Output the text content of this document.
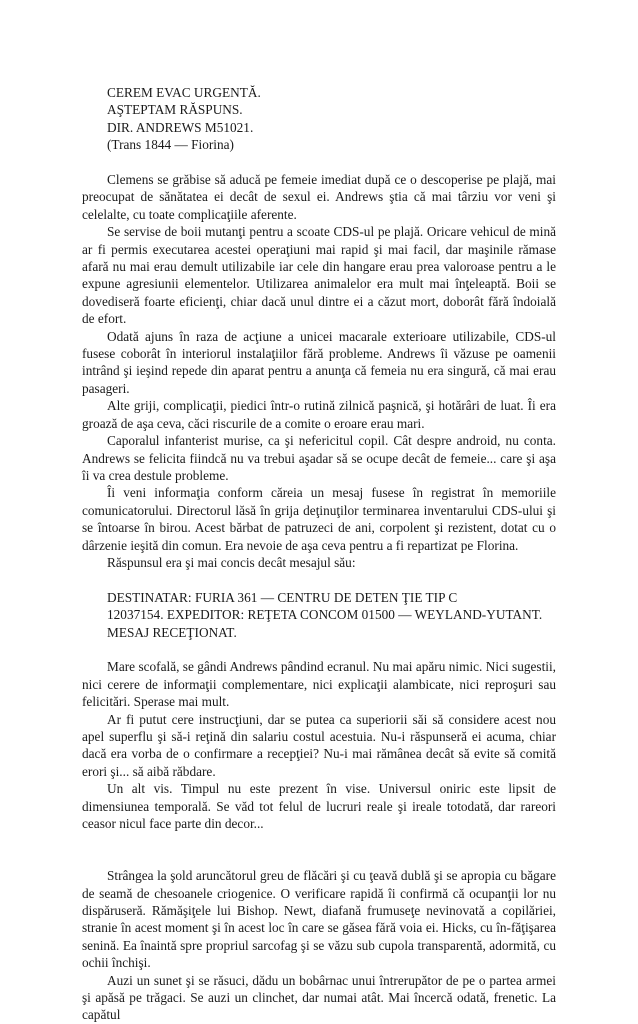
CEREM EVAC URGENTĂ.

AŞTEPTAM RĂSPUNS.

DIR. ANDREWS M51021.

(Trans 1844 — Fiorina)

Clemens se grăbise să aducă pe femeie imediat după ce o descoperise pe plajă, mai preocupat de sănătatea ei decât de sexul ei. Andrews ştia că mai târziu vor veni şi celelalte, cu toate complicaţiile aferente.

Se servise de boii mutanţi pentru a scoate CDS-ul pe plajă. Oricare vehicul de mină ar fi permis executarea acestei operaţiuni mai rapid şi mai facil, dar maşinile rămase afară nu mai erau demult utilizabile iar cele din hangare erau prea valoroase pentru a le expune agresiunii elementelor. Utilizarea animalelor era mult mai înţeleaptă. Boii se dovediseră foarte eficienţi, chiar dacă unul dintre ei a căzut mort, doborât fără îndoială de efort.

Odată ajuns în raza de acţiune a unicei macarale exterioare utilizabile, CDS-ul fusese coborât în interiorul instalaţiilor fără probleme. Andrews îi văzuse pe oamenii intrând şi ieşind repede din aparat pentru a anunţa că femeia nu era singură, că mai erau pasageri.

Alte griji, complicaţii, piedici într-o rutină zilnică paşnică, şi hotărâri de luat. Îi era groază de aşa ceva, căci riscurile de a comite o eroare erau mari.

Caporalul infanterist murise, ca şi nefericitul copil. Cât despre android, nu conta. Andrews se felicita fiindcă nu va trebui aşadar să se ocupe decât de femeie... care şi aşa îi va crea destule probleme.

Îi veni informaţia conform căreia un mesaj fusese în registrat în memoriile comunicatorului. Directorul lăsă în grija deţinuţilor terminarea inventarului CDS-ului şi se întoarse în birou. Acest bărbat de patruzeci de ani, corpolent şi rezistent, dotat cu o dârzenie ieşită din comun. Era nevoie de aşa ceva pentru a fi repartizat pe Florina.

Răspunsul era şi mai concis decât mesajul său:

DESTINATAR: FURIA 361 — CENTRU DE DETEN ŢIE TIP C

12037154. EXPEDITOR: REŢETA CONCOM 01500 — WEYLAND-YUTANT.

MESAJ RECEŢIONAT.

Mare scofală, se gândi Andrews pândind ecranul. Nu mai apăru nimic. Nici sugestii, nici cerere de informaţii complementare, nici explicaţii alambicate, nici reproşuri sau felicitări. Sperase mai mult.

Ar fi putut cere instrucţiuni, dar se putea ca superiorii săi să considere acest nou apel superflu şi să-i reţină din salariu costul acestuia. Nu-i răspunseră ei acuma, chiar dacă era vorba de o confirmare a recepţiei? Nu-i mai rămânea decât să evite să comită erori şi... să aibă răbdare.

Un alt vis. Timpul nu este prezent în vise. Universul oniric este lipsit de dimensiunea temporală. Se văd tot felul de lucruri reale şi ireale totodată, dar rareori ceasor nicul face parte din decor...

Strângea la şold aruncătorul greu de flăcări şi cu ţeavă dublă şi se apropia cu băgare de seamă de chesoanele criogenice. O verificare rapidă îi confirmă că ocupanţii lor nu dispăruseră. Rămăşiţele lui Bishop. Newt, diafană frumuseţe nevinovată a copilăriei, stranie în acest moment şi în acest loc în care se găsea fără voia ei. Hicks, cu în-făţişarea senină. Ea înaintă spre propriul sarcofag şi se văzu sub cupola transparentă, adormită, cu ochii închişi.

Auzi un sunet şi se răsuci, dădu un bobârnac unui întrerupător de pe o partea armei şi apăsă pe trăgaci. Se auzi un clinchet, dar numai atât. Mai încercă odată, frenetic. La capătul
